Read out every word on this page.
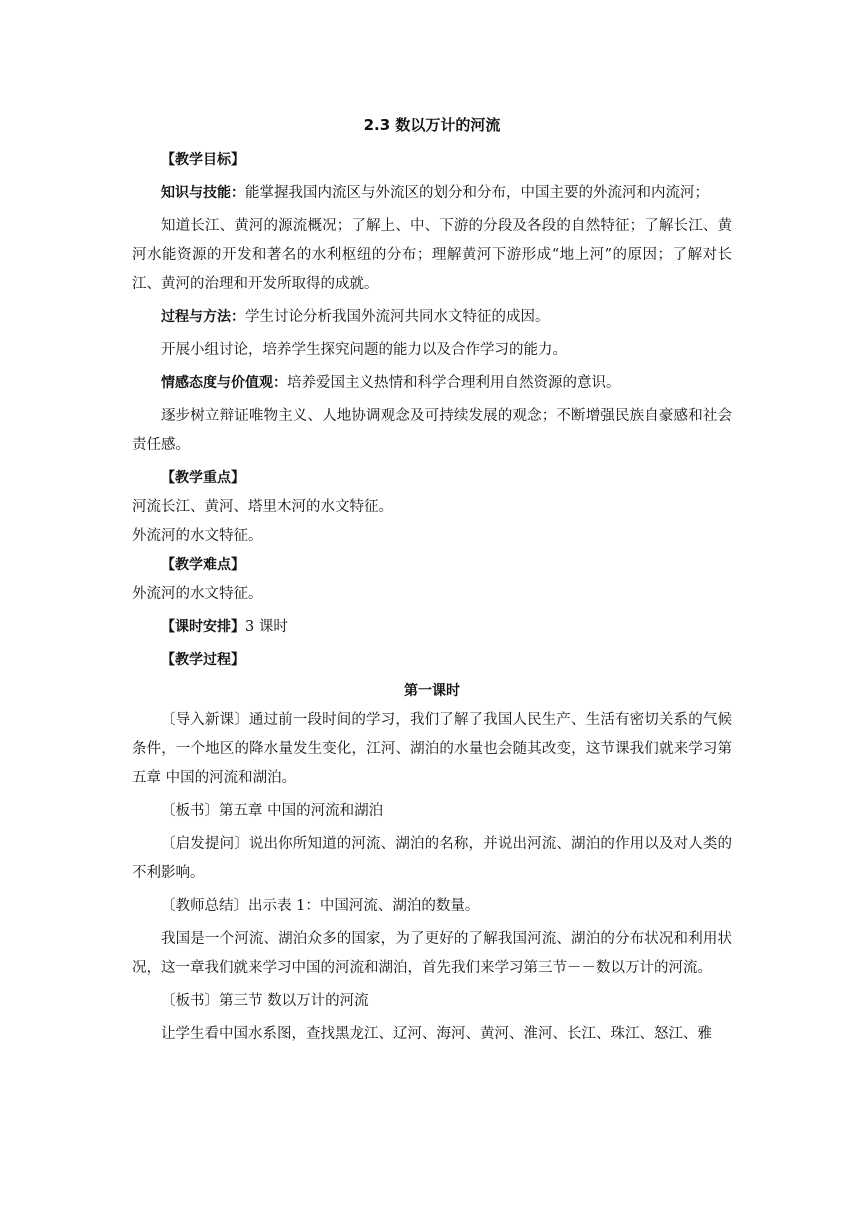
2.3 数以万计的河流
【教学目标】

知识与技能：能掌握我国内流区与外流区的划分和分布，中国主要的外流河和内流河；

知道长江、黄河的源流概况；了解上、中、下游的分段及各段的自然特征；了解长江、黄河水能资源的开发和著名的水利枢纽的分布；理解黄河下游形成“地上河”的原因；了解对长江、黄河的治理和开发所取得的成就。

过程与方法：学生讨论分析我国外流河共同水文特征的成因。

开展小组讨论，培养学生探究问题的能力以及合作学习的能力。

情感态度与价值观：培养爱国主义热情和科学合理利用自然资源的意识。

逐步树立辩证唯物主义、人地协调观念及可持续发展的观念；不断增强民族自豪感和社会责任感。

【教学重点】

河流长江、黄河、塔里木河的水文特征。

外流河的水文特征。

【教学难点】

外流河的水文特征。

【课时安排】3 课时

【教学过程】
第一课时

〔导入新课〕通过前一段时间的学习，我们了解了我国人民生产、生活有密切关系的气候条件，一个地区的降水量发生变化，江河、湖泊的水量也会随其改变，这节课我们就来学习第五章 中国的河流和湖泊。

〔板书〕第五章 中国的河流和湖泊

〔启发提问〕说出你所知道的河流、湖泊的名称，并说出河流、湖泊的作用以及对人类的不利影响。

〔教师总结〕出示表 1：中国河流、湖泊的数量。

我国是一个河流、湖泊众多的国家，为了更好的了解我国河流、湖泊的分布状况和利用状况，这一章我们就来学习中国的河流和湖泊，首先我们来学习第三节－－数以万计的河流。

〔板书〕第三节 数以万计的河流

让学生看中国水系图，查找黑龙江、辽河、海河、黄河、淮河、长江、珠江、怒江、雅
